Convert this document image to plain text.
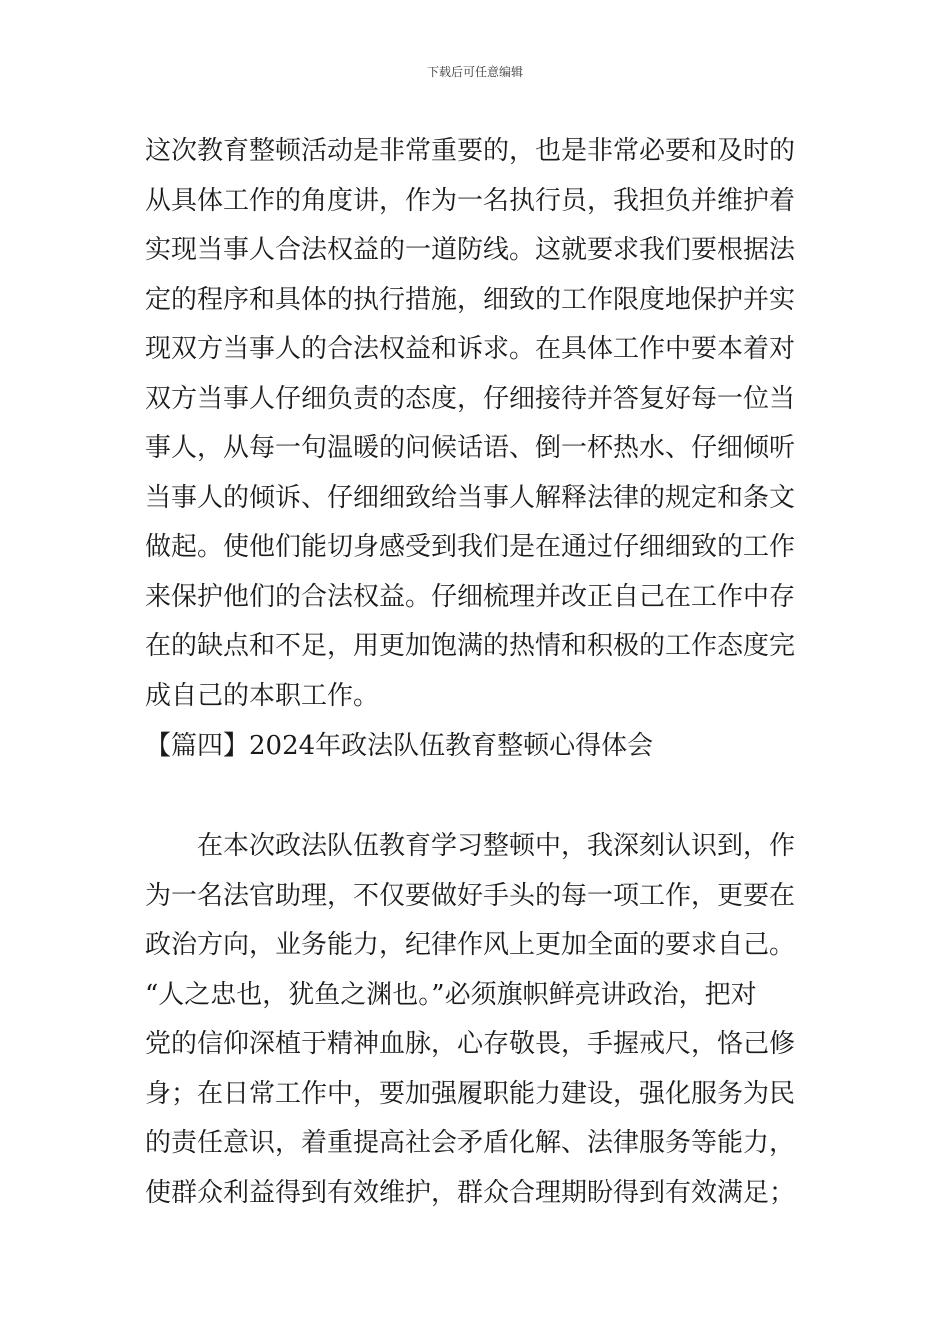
下载后可任意编辑
这次教育整顿活动是非常重要的，也是非常必要和及时的
从具体工作的角度讲，作为一名执行员，我担负并维护着
实现当事人合法权益的一道防线。这就要求我们要根据法
定的程序和具体的执行措施，细致的工作限度地保护并实
现双方当事人的合法权益和诉求。在具体工作中要本着对
双方当事人仔细负责的态度，仔细接待并答复好每一位当
事人，从每一句温暖的问候话语、倒一杯热水、仔细倾听
当事人的倾诉、仔细细致给当事人解释法律的规定和条文
做起。使他们能切身感受到我们是在通过仔细细致的工作
来保护他们的合法权益。仔细梳理并改正自己在工作中存
在的缺点和不足，用更加饱满的热情和积极的工作态度完
成自己的本职工作。
【篇四】2024年政法队伍教育整顿心得体会
　　在本次政法队伍教育学习整顿中，我深刻认识到，作
为一名法官助理，不仅要做好手头的每一项工作，更要在
政治方向，业务能力，纪律作风上更加全面的要求自己。
“人之忠也，犹鱼之渊也。”必须旗帜鲜亮讲政治，把对
党的信仰深植于精神血脉，心存敬畏，手握戒尺，恪己修
身；在日常工作中，要加强履职能力建设，强化服务为民
的责任意识，着重提高社会矛盾化解、法律服务等能力，
使群众利益得到有效维护，群众合理期盼得到有效满足；
